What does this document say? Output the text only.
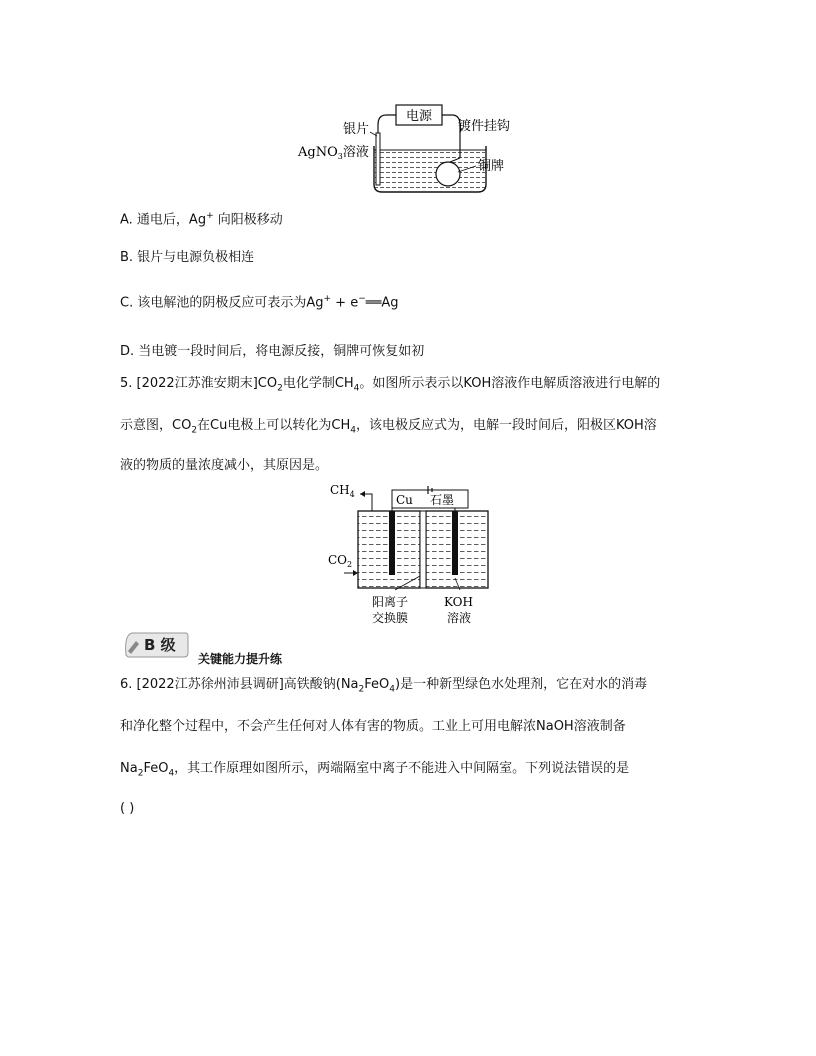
电源
银片	镀件挂钩
AgNO$_3$溶液
铜牌
A. 通电后，Ag+ 向阳极移动
B. 银片与电源负极相连
C. 该电解池的阴极反应可表示为Ag+ + e−══Ag
D. 当电镀一段时间后，将电源反接，铜牌可恢复如初
5. [2022江苏淮安期末]$CO_2$电化学制$CH_4$。如图所示表示以KOH溶液作电解质溶液进行电解的
示意图，$CO_2$在Cu电极上可以转化为$CH_4$，该电极反应式为，电解一段时间后，阳极区KOH溶
液的物质的量浓度减小，其原因是。
Cu 石墨
$CH_4$
$CO_2$
阳离子
交换膜
KOH
溶液
B 级
关键能力提升练
6. [2022江苏徐州沛县调研]高铁酸钠$(Na_2FeO_4)$是一种新型绿色水处理剂，它在对水的消毒
和净化整个过程中，不会产生任何对人体有害的物质。工业上可用电解浓NaOH溶液制备
$Na_2FeO_4$，其工作原理如图所示，两端隔室中离子不能进入中间隔室。下列说法错误的是
( )
